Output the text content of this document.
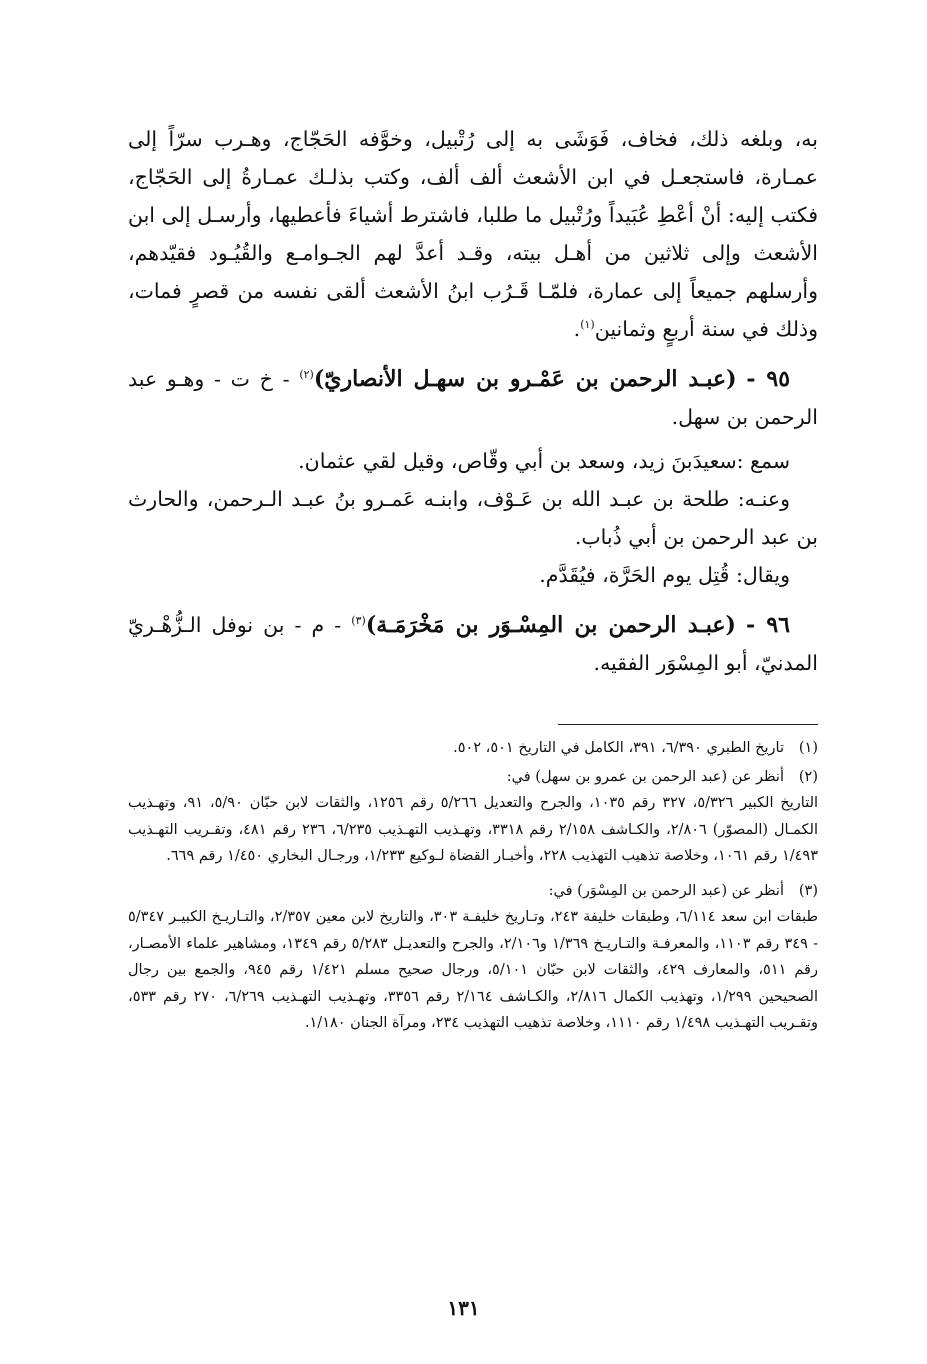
به، وبلغه ذلك، فخاف، فَوَشَى به إلى رُتْبيل، وخوَّفه الحَجّاج، وهـرب سرّاً إلى عمـارة، فاستجعـل في ابن الأشعث ألف ألف، وكتب بذلـك عمـارةُ إلى الحَجّاج، فكتب إليه: أنْ أعْطِ عُبَيداً ورُتْبيل ما طلبا، فاشترط أشياءَ فأعطيها، وأرسـل إلى ابن الأشعث وإلى ثلاثين من أهـل بيته، وقـد أعدَّ لهم الجـوامـع والقُيُـود فقيّدهم، وأرسلهم جميعاً إلى عمارة، فلمّـا قَـرُب ابنُ الأشعث ألقى نفسه من قصرٍ فمات، وذلك في سنة أربعٍ وثمانين$^{(١)}$.

٩٥ - (عبـد الرحمن بن عَمْـرو بن سهـل الأنصاريّ)$^{(٢)}$ - خ ت - وهـو عبد الرحمن بن سهل.

سمع :سعيدَبنَ زيد، وسعد بن أبي وقّاص، وقيل لقي عثمان.

وعنـه: طلحة بن عبـد الله بن عَـوْف، وابنـه عَمـرو بنُ عبـد الـرحمن، والحارث بن عبد الرحمن بن أبي ذُباب.

ويقال: قُتِل يوم الحَرَّة، فيُقَدَّم.

٩٦ - (عبـد الرحمن بن المِسْـوَر بن مَخْرَمَـة)$^{(٣)}$ - م - بن نوفل الـزُّهْـريّ المدنيّ، أبو المِسْوَر الفقيه.

(١)
تاريخ الطبري ٦/٣٩٠، ٣٩١، الكامل في التاريخ ٥٠١، ٥٠٢.
(٢)
أنظر عن (عبد الرحمن بن عمرو بن سهل) في:
التاريخ الكبير ٥/٣٢٦، ٣٢٧ رقم ١٠٣٥، والجرح والتعديل ٥/٢٦٦ رقم ١٢٥٦، والثقات لابن حبّان ٥/٩٠، ٩١، وتهـذيب الكمـال (المصوّر) ٢/٨٠٦، والكـاشف ٢/١٥٨ رقم ٣٣١٨، وتهـذيب التهـذيب ٦/٢٣٥، ٢٣٦ رقم ٤٨١، وتقـريب التهـذيب ١/٤٩٣ رقم ١٠٦١، وخلاصة تذهيب التهذيب ٢٢٨، وأخبـار القضاة لـوكيع ١/٢٣٣، ورجـال البخاري ١/٤٥٠ رقم ٦٦٩.
(٣)
أنظر عن (عبد الرحمن بن المِسْوَر) في:
طبقات ابن سعد ٦/١١٤، وطبقات خليفة ٢٤٣، وتـاريخ خليفـة ٣٠٣، والتاريخ لابن معين ٢/٣٥٧، والتـاريـخ الكبيـر ٥/٣٤٧ - ٣٤٩ رقم ١١٠٣، والمعرفـة والتـاريـخ ١/٣٦٩ و٢/١٠٦، والجرح والتعديـل ٥/٢٨٣ رقم ١٣٤٩، ومشاهير علماء الأمصـار، رقم ٥١١، والمعارف ٤٢٩، والثقات لابن حبّان ٥/١٠١، ورجال صحيح مسلم ١/٤٢١ رقم ٩٤٥، والجمع بين رجال الصحيحين ١/٢٩٩، وتهذيب الكمال ٢/٨١٦، والكـاشف ٢/١٦٤ رقم ٣٣٥٦، وتهـذيب التهـذيب ٦/٢٦٩، ٢٧٠ رقم ٥٣٣، وتقـريب التهـذيب ١/٤٩٨ رقم ١١١٠، وخلاصة تذهيب التهذيب ٢٣٤، ومرآة الجنان ١/١٨٠.
١٣١
